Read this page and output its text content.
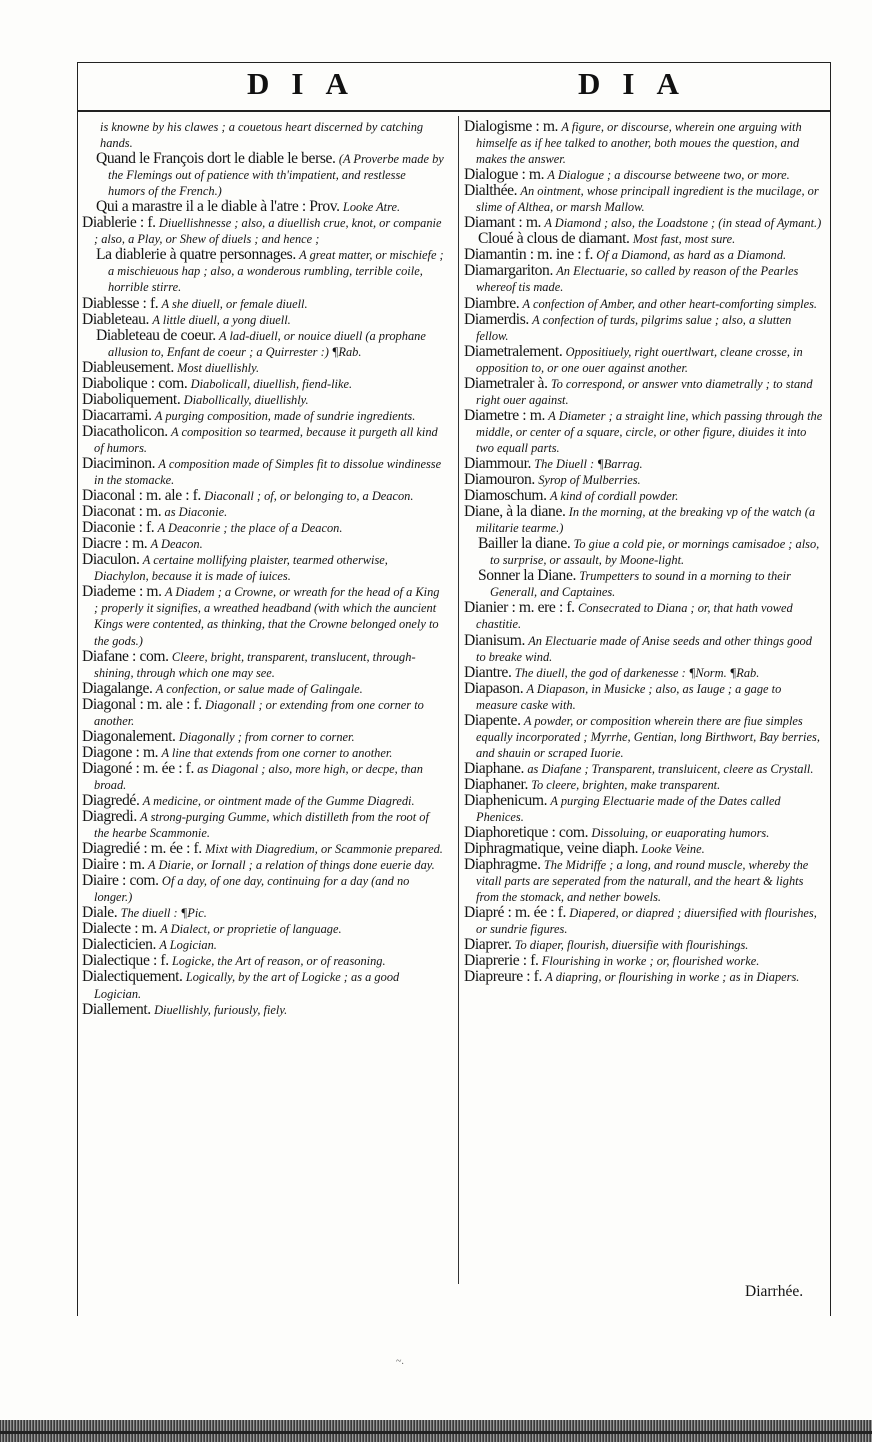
DIA	DIA

is knowne by his clawes ; a couetous heart discerned by catching hands.

Quand le François dort le diable le berse. (A Proverbe made by the Flemings out of patience with th'impatient, and restlesse humors of the French.)

Qui a marastre il a le diable à l'atre : Prov. Looke Atre.

Diablerie : f. Diuellishnesse ; also, a diuellish crue, knot, or companie ; also, a Play, or Shew of diuels ; and hence ;

La diablerie à quatre personnages. A great matter, or mischiefe ; a mischieuous hap ; also, a wonderous rumbling, terrible coile, horrible stirre.

Diablesse : f. A she diuell, or female diuell.

Diableteau. A little diuell, a yong diuell.

Diableteau de coeur. A lad-diuell, or nouice diuell (a prophane allusion to, Enfant de coeur ; a Quirrester :) ¶Rab.

Diableusement. Most diuellishly.

Diabolique : com. Diabolicall, diuellish, fiend-like.

Diaboliquement. Diabollically, diuellishly.

Diacarrami. A purging composition, made of sundrie ingredients.

Diacatholicon. A composition so tearmed, because it purgeth all kind of humors.

Diaciminon. A composition made of Simples fit to dissolue windinesse in the stomacke.

Diaconal : m. ale : f. Diaconall ; of, or belonging to, a Deacon.

Diaconat : m. as Diaconie.

Diaconie : f. A Deaconrie ; the place of a Deacon.

Diacre : m. A Deacon.

Diaculon. A certaine mollifying plaister, tearmed otherwise, Diachylon, because it is made of iuices.

Diademe : m. A Diadem ; a Crowne, or wreath for the head of a King ; properly it signifies, a wreathed headband (with which the auncient Kings were contented, as thinking, that the Crowne belonged onely to the gods.)

Diafane : com. Cleere, bright, transparent, translucent, through-shining, through which one may see.

Diagalange. A confection, or salue made of Galingale.

Diagonal : m. ale : f. Diagonall ; or extending from one corner to another.

Diagonalement. Diagonally ; from corner to corner.

Diagone : m. A line that extends from one corner to another.

Diagoné : m. ée : f. as Diagonal ; also, more high, or decpe, than broad.

Diagredé. A medicine, or ointment made of the Gumme Diagredi.

Diagredi. A strong-purging Gumme, which distilleth from the root of the hearbe Scammonie.

Diagredié : m. ée : f. Mixt with Diagredium, or Scammonie prepared.

Diaire : m. A Diarie, or Iornall ; a relation of things done euerie day.

Diaire : com. Of a day, of one day, continuing for a day (and no longer.)

Diale. The diuell : ¶Pic.

Dialecte : m. A Dialect, or proprietie of language.

Dialecticien. A Logician.

Dialectique : f. Logicke, the Art of reason, or of reasoning.

Dialectiquement. Logically, by the art of Logicke ; as a good Logician.

Diallement. Diuellishly, furiously, fiely.

Dialogisme : m. A figure, or discourse, wherein one arguing with himselfe as if hee talked to another, both moues the question, and makes the answer.

Dialogue : m. A Dialogue ; a discourse betweene two, or more.

Dialthée. An ointment, whose principall ingredient is the mucilage, or slime of Althea, or marsh Mallow.

Diamant : m. A Diamond ; also, the Loadstone ; (in stead of Aymant.)

Cloué à clous de diamant. Most fast, most sure.

Diamantin : m. ine : f. Of a Diamond, as hard as a Diamond.

Diamargariton. An Electuarie, so called by reason of the Pearles whereof tis made.

Diambre. A confection of Amber, and other heart-comforting simples.

Diamerdis. A confection of turds, pilgrims salue ; also, a slutten fellow.

Diametralement. Oppositiuely, right ouertlwart, cleane crosse, in opposition to, or one ouer against another.

Diametraler à. To correspond, or answer vnto diametrally ; to stand right ouer against.

Diametre : m. A Diameter ; a straight line, which passing through the middle, or center of a square, circle, or other figure, diuides it into two equall parts.

Diammour. The Diuell : ¶Barrag.

Diamouron. Syrop of Mulberries.

Diamoschum. A kind of cordiall powder.

Diane, à la diane. In the morning, at the breaking vp of the watch (a militarie tearme.)

Bailler la diane. To giue a cold pie, or mornings camisadoe ; also, to surprise, or assault, by Moone-light.

Sonner la Diane. Trumpetters to sound in a morning to their Generall, and Captaines.

Dianier : m. ere : f. Consecrated to Diana ; or, that hath vowed chastitie.

Dianisum. An Electuarie made of Anise seeds and other things good to breake wind.

Diantre. The diuell, the god of darkenesse : ¶Norm. ¶Rab.

Diapason. A Diapason, in Musicke ; also, as Iauge ; a gage to measure caske with.

Diapente. A powder, or composition wherein there are fiue simples equally incorporated ; Myrrhe, Gentian, long Birthwort, Bay berries, and shauin or scraped Iuorie.

Diaphane. as Diafane ; Transparent, transluicent, cleere as Crystall.

Diaphaner. To cleere, brighten, make transparent.

Diaphenicum. A purging Electuarie made of the Dates called Phenices.

Diaphoretique : com. Dissoluing, or euaporating humors.

Diphragmatique, veine diaph. Looke Veine.

Diaphragme. The Midriffe ; a long, and round muscle, whereby the vitall parts are seperated from the naturall, and the heart & lights from the stomack, and nether bowels.

Diapré : m. ée : f. Diapered, or diapred ; diuersified with flourishes, or sundrie figures.

Diaprer. To diaper, flourish, diuersifie with flourishings.

Diaprerie : f. Flourishing in worke ; or, flourished worke.

Diapreure : f. A diapring, or flourishing in worke ; as in Diapers.

Diarrhée.
~.
